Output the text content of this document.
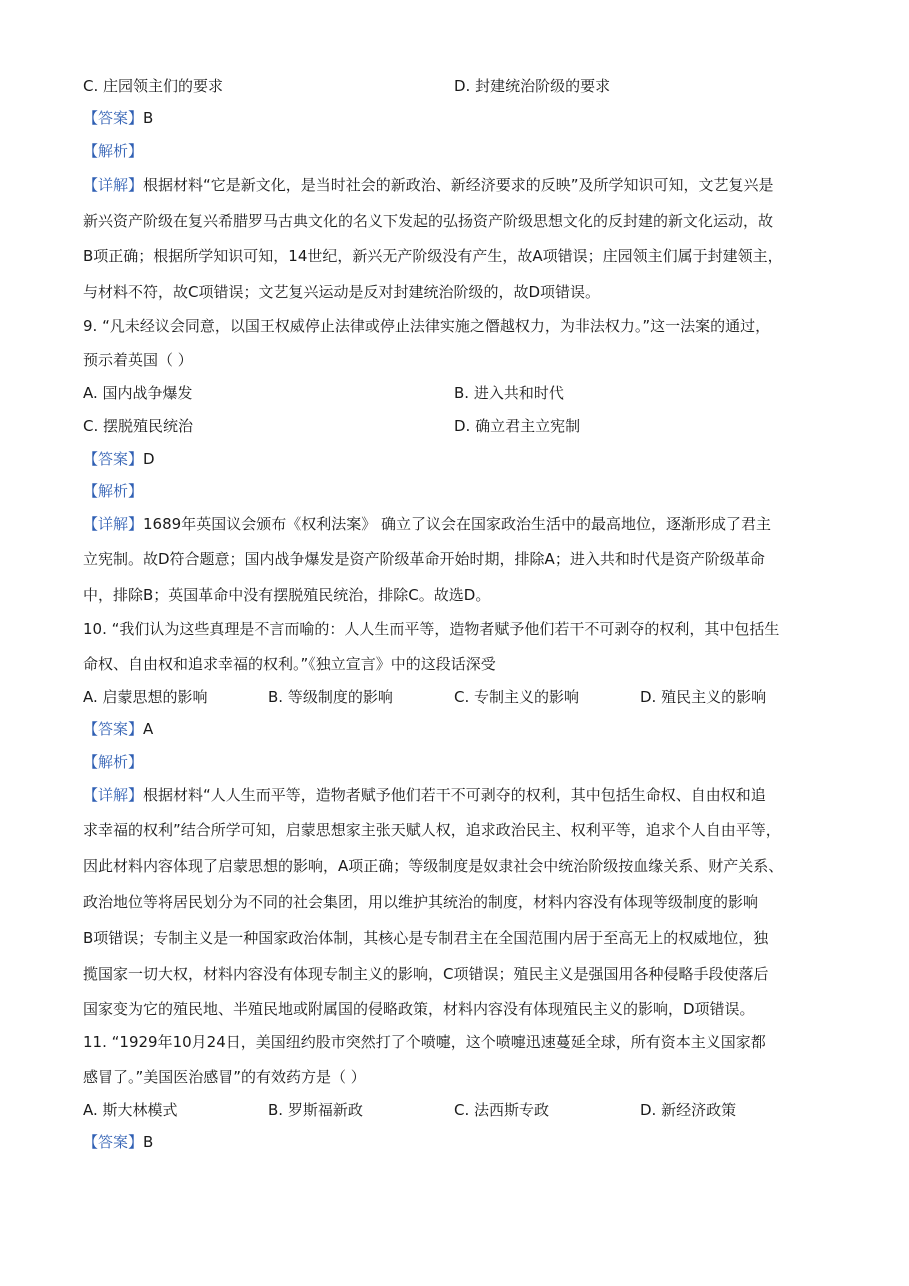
C. 庄园领主们的要求	D. 封建统治阶级的要求
【答案】B
【解析】
【详解】根据材料“它是新文化，是当时社会的新政治、新经济要求的反映”及所学知识可知，文艺复兴是
新兴资产阶级在复兴希腊罗马古典文化的名义下发起的弘扬资产阶级思想文化的反封建的新文化运动，故
B项正确；根据所学知识可知，14世纪，新兴无产阶级没有产生，故A项错误；庄园领主们属于封建领主，
与材料不符，故C项错误；文艺复兴运动是反对封建统治阶级的，故D项错误。
9. “凡未经议会同意，以国王权威停止法律或停止法律实施之僭越权力，为非法权力。”这一法案的通过，
预示着英国（ ）
A. 国内战争爆发	B. 进入共和时代
C. 摆脱殖民统治	D. 确立君主立宪制
【答案】D
【解析】
【详解】1689年英国议会颁布《权利法案》 确立了议会在国家政治生活中的最高地位，逐渐形成了君主
立宪制。故D符合题意；国内战争爆发是资产阶级革命开始时期，排除A；进入共和时代是资产阶级革命
中，排除B；英国革命中没有摆脱殖民统治，排除C。故选D。
10. “我们认为这些真理是不言而喻的：人人生而平等，造物者赋予他们若干不可剥夺的权利，其中包括生
命权、自由权和追求幸福的权利。”《独立宣言》中的这段话深受
A. 启蒙思想的影响	B. 等级制度的影响	C. 专制主义的影响	D. 殖民主义的影响
【答案】A
【解析】
【详解】根据材料“人人生而平等，造物者赋予他们若干不可剥夺的权利，其中包括生命权、自由权和追
求幸福的权利”结合所学可知，启蒙思想家主张天赋人权，追求政治民主、权利平等，追求个人自由平等，
因此材料内容体现了启蒙思想的影响，A项正确；等级制度是奴隶社会中统治阶级按血缘关系、财产关系、
政治地位等将居民划分为不同的社会集团，用以维护其统治的制度，材料内容没有体现等级制度的影响
B项错误；专制主义是一种国家政治体制，其核心是专制君主在全国范围内居于至高无上的权威地位，独
揽国家一切大权，材料内容没有体现专制主义的影响，C项错误；殖民主义是强国用各种侵略手段使落后
国家变为它的殖民地、半殖民地或附属国的侵略政策，材料内容没有体现殖民主义的影响，D项错误。
11. “1929年10月24日，美国纽约股市突然打了个喷嚏，这个喷嚏迅速蔓延全球，所有资本主义国家都
感冒了。”美国医治感冒”的有效药方是（ ）
A. 斯大林模式	B. 罗斯福新政	C. 法西斯专政	D. 新经济政策
【答案】B
